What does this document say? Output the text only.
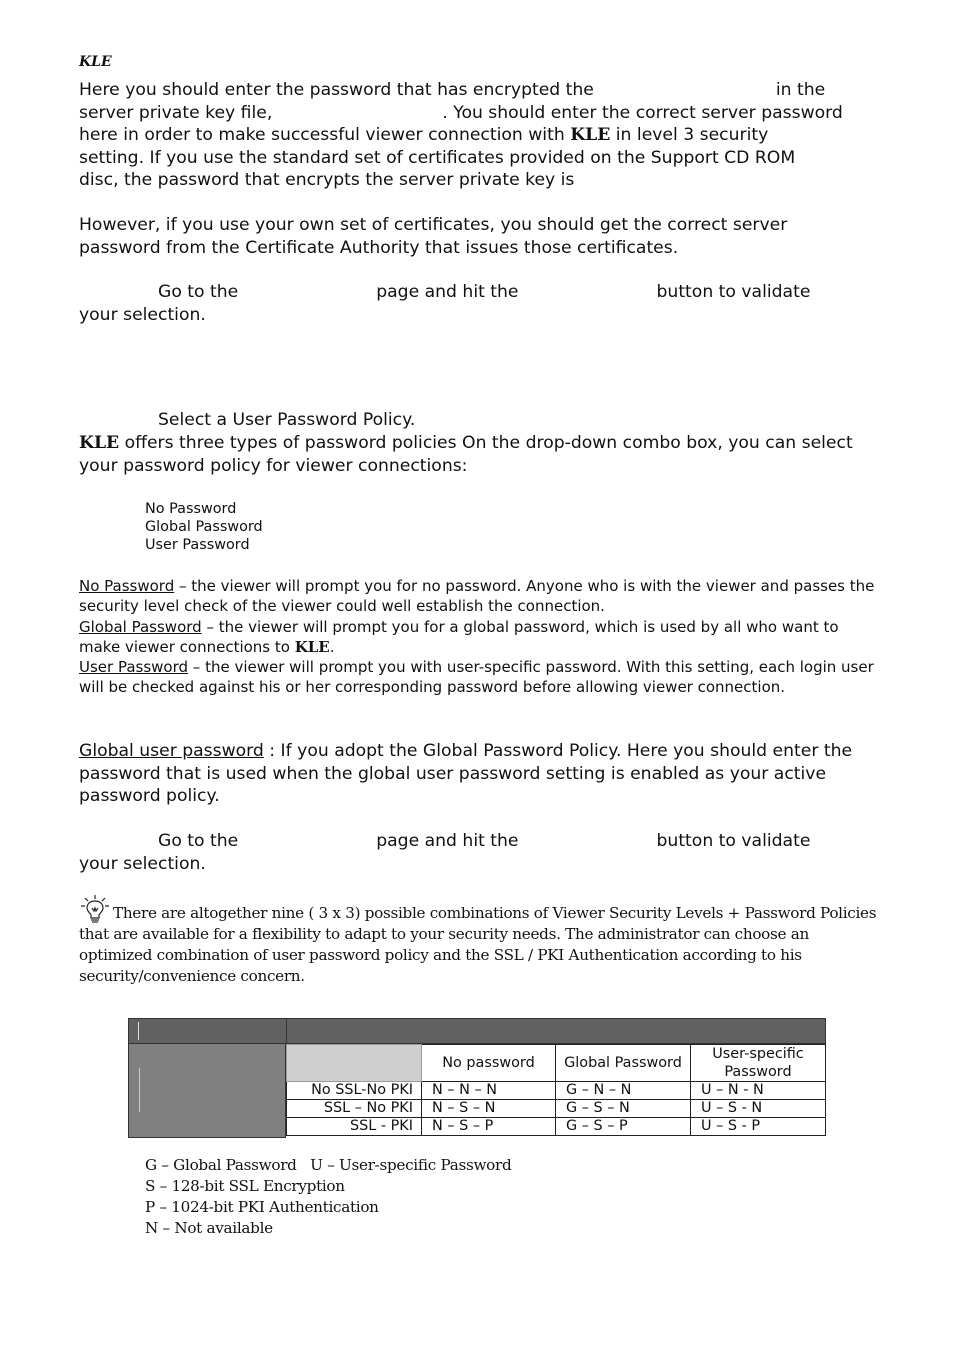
KLE

Here you should enter the password that has encrypted the	in the
server private key file,	. You should enter the correct server password
here in order to make successful viewer connection with KLE in level 3 security
setting. If you use the standard set of certificates provided on the Support CD ROM
disc, the password that encrypts the server private key is

However, if you use your own set of certificates, you should get the correct server password from the Certificate Authority that issues those certificates.

Go to the	page and hit the	button to validate
your selection.

Select a User Password Policy.

KLE offers three types of password policies On the drop-down combo box, you can select your password policy for viewer connections:

No Password
Global Password
User Password

No Password – the viewer will prompt you for no password. Anyone who is with the viewer and passes the security level check of the viewer could well establish the connection.
Global Password – the viewer will prompt you for a global password, which is used by all who want to make viewer connections to KLE.
User Password – the viewer will prompt you with user-specific password. With this setting, each login user will be checked against his or her corresponding password before allowing viewer connection.

Global user password : If you adopt the Global Password Policy. Here you should enter the password that is used when the global user password setting is enabled as your active password policy.

Go to the	page and hit the	button to validate
your selection.

There are altogether nine ( 3 x 3) possible combinations of Viewer Security Levels + Password Policies that are available for a flexibility to adapt to your security needs. The administrator can choose an optimized combination of user password policy and the SSL / PKI Authentication according to his security/convenience concern.

	No password	Global Password	User-specific Password
No SSL-No PKI	N – N – N	G – N – N	U – N - N
SSL – No PKI	N – S – N	G – S – N	U – S - N
SSL - PKI	N – S – P	G – S – P	U – S - P
G – Global Password   U – User-specific Password
S – 128-bit SSL Encryption
P – 1024-bit PKI Authentication
N – Not available
